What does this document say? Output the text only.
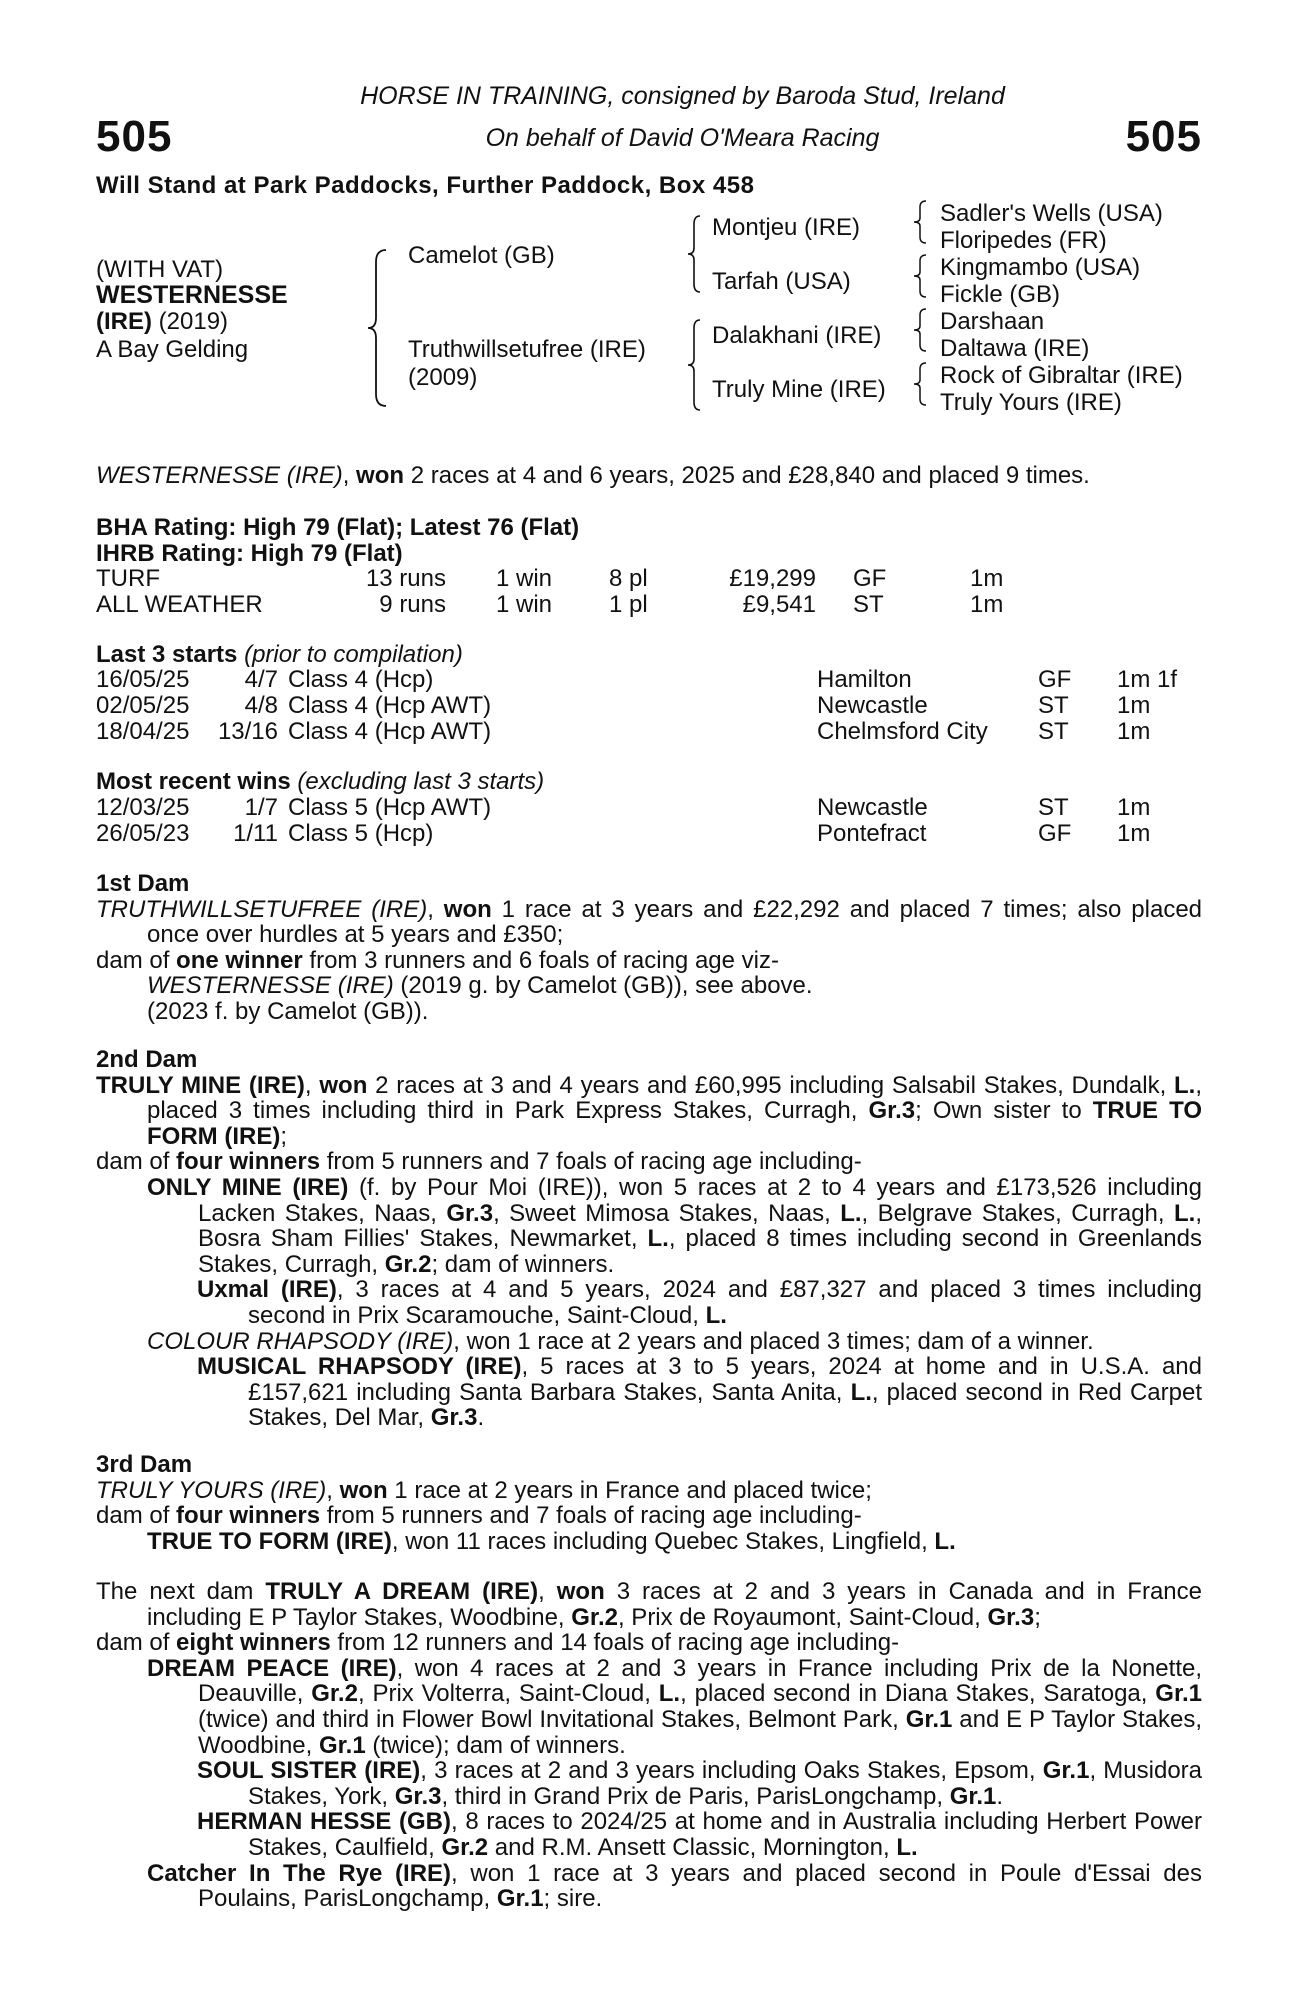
505	505
HORSE IN TRAINING, consigned by Baroda Stud, Ireland
On behalf of David O'Meara Racing
Will Stand at Park Paddocks, Further Paddock, Box 458
(WITH VAT)
WESTERNESSE
(IRE) (2019)
A Bay Gelding
Camelot (GB)
Truthwillsetufree (IRE)
(2009)
Montjeu (IRE)
Tarfah (USA)
Dalakhani (IRE)
Truly Mine (IRE)
Sadler's Wells (USA)
Floripedes (FR)
Kingmambo (USA)
Fickle (GB)
Darshaan
Daltawa (IRE)
Rock of Gibraltar (IRE)
Truly Yours (IRE)
WESTERNESSE (IRE), won 2 races at 4 and 6 years, 2025 and £28,840 and placed 9 times.
BHA Rating: High 79 (Flat); Latest 76 (Flat)
IHRB Rating: High 79 (Flat)
TURF	13 runs 1 win 8 pl	£19,299 GF	1m
ALL WEATHER	9 runs 1 win 1 pl	£9,541 ST	1m
Last 3 starts (prior to compilation)
16/05/25	4/7 Class 4 (Hcp)	Hamilton	GF 1m 1f
02/05/25	4/8 Class 4 (Hcp AWT)	Newcastle	ST 1m
18/04/25	13/16 Class 4 (Hcp AWT)	Chelmsford City ST 1m
Most recent wins (excluding last 3 starts)
12/03/25	1/7 Class 5 (Hcp AWT)	Newcastle	ST 1m
26/05/23	1/11 Class 5 (Hcp)	Pontefract	GF 1m

1st Dam

TRUTHWILLSETUFREE (IRE), won 1 race at 3 years and £22,292 and placed 7 times; also placed once over hurdles at 5 years and £350;

dam of one winner from 3 runners and 6 foals of racing age viz-

WESTERNESSE (IRE) (2019 g. by Camelot (GB)), see above.

(2023 f. by Camelot (GB)).

2nd Dam

TRULY MINE (IRE), won 2 races at 3 and 4 years and £60,995 including Salsabil Stakes, Dundalk, L., placed 3 times including third in Park Express Stakes, Curragh, Gr.3; Own sister to TRUE TO FORM (IRE);

dam of four winners from 5 runners and 7 foals of racing age including-

ONLY MINE (IRE) (f. by Pour Moi (IRE)), won 5 races at 2 to 4 years and £173,526 including Lacken Stakes, Naas, Gr.3, Sweet Mimosa Stakes, Naas, L., Belgrave Stakes, Curragh, L., Bosra Sham Fillies' Stakes, Newmarket, L., placed 8 times including second in Greenlands Stakes, Curragh, Gr.2; dam of winners.

Uxmal (IRE), 3 races at 4 and 5 years, 2024 and £87,327 and placed 3 times including second in Prix Scaramouche, Saint-Cloud, L.

COLOUR RHAPSODY (IRE), won 1 race at 2 years and placed 3 times; dam of a winner.

MUSICAL RHAPSODY (IRE), 5 races at 3 to 5 years, 2024 at home and in U.S.A. and £157,621 including Santa Barbara Stakes, Santa Anita, L., placed second in Red Carpet Stakes, Del Mar, Gr.3.

3rd Dam

TRULY YOURS (IRE), won 1 race at 2 years in France and placed twice;

dam of four winners from 5 runners and 7 foals of racing age including-

TRUE TO FORM (IRE), won 11 races including Quebec Stakes, Lingfield, L.

The next dam TRULY A DREAM (IRE), won 3 races at 2 and 3 years in Canada and in France including E P Taylor Stakes, Woodbine, Gr.2, Prix de Royaumont, Saint-Cloud, Gr.3;

dam of eight winners from 12 runners and 14 foals of racing age including-

DREAM PEACE (IRE), won 4 races at 2 and 3 years in France including Prix de la Nonette, Deauville, Gr.2, Prix Volterra, Saint-Cloud, L., placed second in Diana Stakes, Saratoga, Gr.1 (twice) and third in Flower Bowl Invitational Stakes, Belmont Park, Gr.1 and E P Taylor Stakes, Woodbine, Gr.1 (twice); dam of winners.

SOUL SISTER (IRE), 3 races at 2 and 3 years including Oaks Stakes, Epsom, Gr.1, Musidora Stakes, York, Gr.3, third in Grand Prix de Paris, ParisLongchamp, Gr.1.

HERMAN HESSE (GB), 8 races to 2024/25 at home and in Australia including Herbert Power Stakes, Caulfield, Gr.2 and R.M. Ansett Classic, Mornington, L.

Catcher In The Rye (IRE), won 1 race at 3 years and placed second in Poule d'Essai des Poulains, ParisLongchamp, Gr.1; sire.
